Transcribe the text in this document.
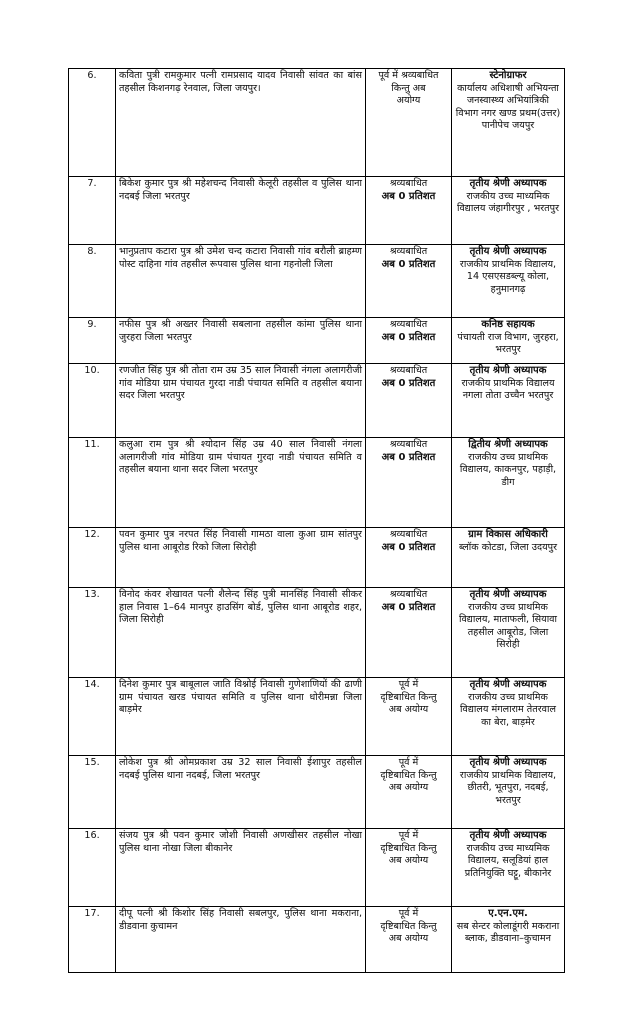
6.	कविता पुत्री रामकुमार पत्नी रामप्रसाद यादव निवासी सांवत का बांस तहसील किशनगढ़ रेनवाल, जिला जयपुर।	पूर्व में श्रव्यबाधित
किन्तु अब
अयोग्य	स्टेनोग्राफर
कार्यालय अधिशाषी अभियन्ता जनस्वास्थ्य अभियांत्रिकी विभाग नगर खण्ड प्रथम(उत्तर) पानीपेच जयपुर
7.	बिकेश कुमार पुत्र श्री महेशचन्द निवासी केलूरी तहसील व पुलिस थाना नदबई जिला भरतपुर	श्रव्यबाधित
अब 0 प्रतिशत	तृतीय श्रेणी अध्यापक
राजकीय उच्च माध्यमिक विद्यालय जंहागीरपुर , भरतपुर
8.	भानुप्रताप कटारा पुत्र श्री उमेश चन्द कटारा निवासी गांव बरौली ब्राहम्ण पोस्ट दाहिना गांव तहसील रूपवास पुलिस थाना गहनोली जिला	श्रव्यबाधित
अब 0 प्रतिशत	तृतीय श्रेणी अध्यापक
राजकीय प्राथमिक विद्यालय, 14 एसएसडब्ल्यू कोला, हनुमानगढ़
9.	नफीस पुत्र श्री अख्तर निवासी सबलाना तहसील कांमा पुलिस थाना जुरहरा जिला भरतपुर	श्रव्यबाधित
अब 0 प्रतिशत	कनिष्ठ सहायक
पंचायती राज विभाग, जुरहरा, भरतपुर
10.	रणजीत सिंह पुत्र श्री तोता राम उम्र 35 साल निवासी नंगला अलागरीजी गांव मोडिया ग्राम पंचायत गुरदा नाडी पंचायत समिति व तहसील बयाना सदर जिला भरतपुर	श्रव्यबाधित
अब 0 प्रतिशत	तृतीय श्रेणी अध्यापक
राजकीय प्राथमिक विद्यालय नगला तोता उच्चैन भरतपुर
11.	कलुआ राम पुत्र श्री श्योदान सिंह उम्र 40 साल निवासी नंगला अलागरीजी गांव मोडिया ग्राम पंचायत गुरदा नाडी पंचायत समिति व तहसील बयाना थाना सदर जिला भरतपुर	श्रव्यबाधित
अब 0 प्रतिशत	द्वितीय श्रेणी अध्यापक
राजकीय उच्च प्राथमिक विद्यालय, काकनपुर, पहाड़ी, डीग
12.	पवन कुमार पुत्र नरपत सिंह निवासी गामठा वाला कुआ ग्राम सांतपुर पुलिस थाना आबूरोड रिको जिला सिरोही	श्रव्यबाधित
अब 0 प्रतिशत	ग्राम विकास अधिकारी
ब्लॉक कोटडा, जिला उदयपुर
13.	विनोद कंवर शेखावत पत्नी शैलेन्द सिंह पुत्री मानसिंह निवासी सीकर हाल निवास 1–64 मानपुर हाउसिंग बोर्ड, पुलिस थाना आबूरोड शहर, जिला सिरोही	श्रव्यबाधित
अब 0 प्रतिशत	तृतीय श्रेणी अध्यापक
राजकीय उच्च प्राथमिक विद्यालय, माताफली, सियावा तहसील आबूरोड, जिला सिरोही
14.	दिनेश कुमार पुत्र बाबूलाल जाति विश्नोई निवासी गुणेशाणियों की ढाणी ग्राम पंचायत खरड पंचायत समिति व पुलिस थाना धोरीमन्ना जिला बाड़मेर	पूर्व में
दृष्टिबाधित किन्तु
अब अयोग्य	तृतीय श्रेणी अध्यापक
राजकीय उच्च प्राथमिक विद्यालय मंगलाराम तेतरवाल का बेरा, बाड़मेर
15.	लोकेश पुत्र श्री ओमप्रकाश उम्र 32 साल निवासी ईशापुर तहसील नदबई पुलिस थाना नदबई, जिला भरतपुर	पूर्व में
दृष्टिबाधित किन्तु
अब अयोग्य	तृतीय श्रेणी अध्यापक
राजकीय प्राथमिक विद्यालय, छीतरी, भूतपुरा, नदबई, भरतपुर
16.	संजय पुत्र श्री पवन कुमार जोशी निवासी अणखीसर तहसील नोखा पुलिस थाना नोखा जिला बीकानेर	पूर्व में
दृष्टिबाधित किन्तु
अब अयोग्य	तृतीय श्रेणी अध्यापक
राजकीय उच्च माध्यमिक विद्यालय, सलूडियां हाल प्रतिनियुक्ति घट्टू, बीकानेर
17.	दीपू पत्नी श्री किशोर सिंह निवासी सबलपुर, पुलिस थाना मकराना, डीडवाना कुचामन	पूर्व में
दृष्टिबाधित किन्तु
अब अयोग्य	ए.एन.एम.
सब सेन्टर कोलाडूंगरी मकराना ब्लाक, डीडवाना–कुचामन
